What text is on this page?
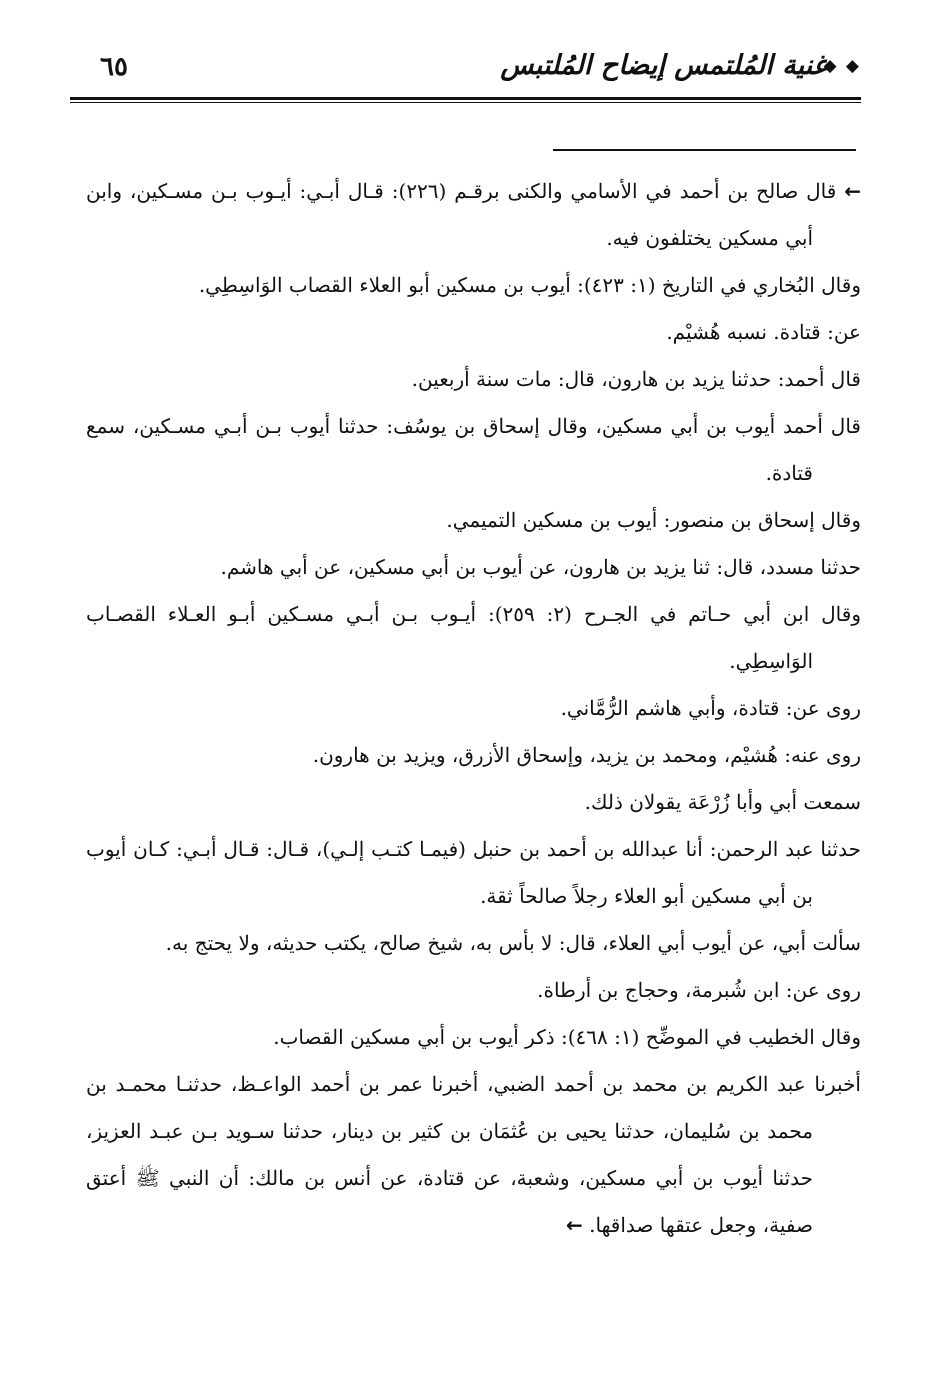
◆ ◆
غنية المُلتمس إيضاح المُلتبس
٦٥

← قال صالح بن أحمد في الأسامي والكنى برقـم (٢٢٦): قـال أبـي: أيـوب بـن مسـكين، وابن أبي مسكين يختلفون فيه.

وقال البُخاري في التاريخ (١: ٤٢٣): أيوب بن مسكين أبو العلاء القصاب الوَاسِطِي.

عن: قتادة. نسبه هُشيْم.

قال أحمد: حدثنا يزيد بن هارون، قال: مات سنة أربعين.

قال أحمد أيوب بن أبي مسكين، وقال إسحاق بن يوسُف: حدثنا أيوب بـن أبـي مسـكين، سمع قتادة.

وقال إسحاق بن منصور: أيوب بن مسكين التميمي.

حدثنا مسدد، قال: ثنا يزيد بن هارون، عن أيوب بن أبي مسكين، عن أبي هاشم.

وقال ابن أبي حـاتم في الجـرح (٢: ٢٥٩): أيـوب بـن أبـي مسـكين أبـو العـلاء القصـاب الوَاسِطِي.

روى عن: قتادة، وأبي هاشم الرُّمَّاني.

روى عنه: هُشيْم، ومحمد بن يزيد، وإسحاق الأزرق، ويزيد بن هارون.

سمعت أبي وأبا زُرْعَة يقولان ذلك.

حدثنا عبد الرحمن: أنا عبدالله بن أحمد بن حنبل (فيمـا كتـب إلـي)، قـال: قـال أبـي: كـان أيوب بن أبي مسكين أبو العلاء رجلاً صالحاً ثقة.

سألت أبي، عن أيوب أبي العلاء، قال: لا بأس به، شيخ صالح، يكتب حديثه، ولا يحتج به.

روى عن: ابن شُبرمة، وحجاج بن أرطاة.

وقال الخطيب في الموضِّح (١: ٤٦٨): ذكر أيوب بن أبي مسكين القصاب.

أخبرنا عبد الكريم بن محمد بن أحمد الضبي، أخبرنا عمر بن أحمد الواعـظ، حدثنـا محمـد بن محمد بن سُليمان، حدثنا يحيى بن عُثمَان بن كثير بن دينار، حدثنا سـويد بـن عبـد العزيز، حدثنا أيوب بن أبي مسكين، وشعبة، عن قتادة، عن أنس بن مالك: أن النبي ﷺ أعتق صفية، وجعل عتقها صداقها. ←
